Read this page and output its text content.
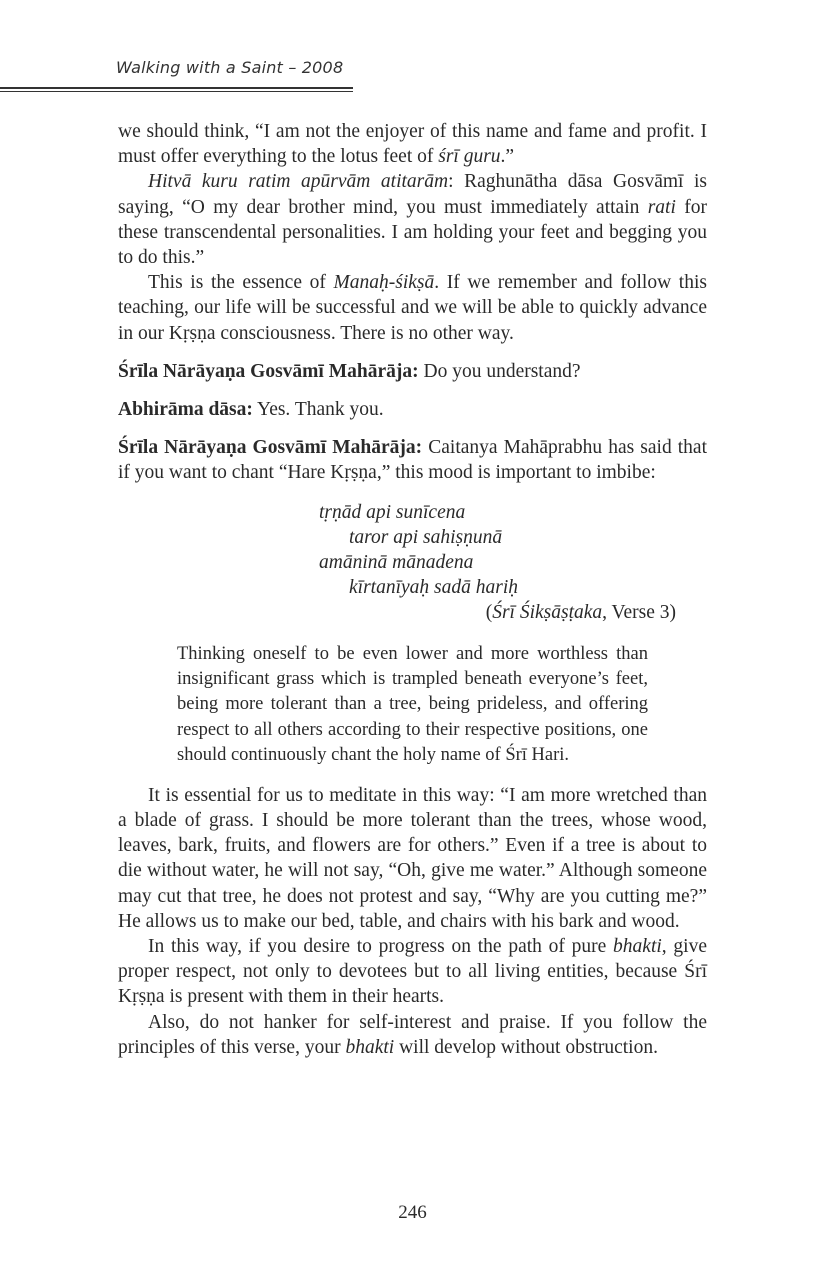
Walking with a Saint – 2008

we should think, “I am not the enjoyer of this name and fame and profit. I must offer everything to the lotus feet of śrī guru.”

Hitvā kuru ratim apūrvām atitarām: Raghunātha dāsa Gosvāmī is saying, “O my dear brother mind, you must immediately attain rati for these transcendental personalities. I am holding your feet and begging you to do this.”

This is the essence of Manaḥ-śikṣā. If we remember and follow this teaching, our life will be successful and we will be able to quickly advance in our Kṛṣṇa consciousness. There is no other way.

Śrīla Nārāyaṇa Gosvāmī Mahārāja: Do you understand?

Abhirāma dāsa: Yes. Thank you.

Śrīla Nārāyaṇa Gosvāmī Mahārāja: Caitanya Mahāprabhu has said that if you want to chant “Hare Kṛṣṇa,” this mood is important to imbibe:

tṛṇād api sunīcena
taror api sahiṣṇunā
amāninā mānadena
kīrtanīyaḥ sadā hariḥ
(Śrī Śikṣāṣṭaka, Verse 3)
Thinking oneself to be even lower and more worthless than insignificant grass which is trampled beneath everyone’s feet, being more tolerant than a tree, being prideless, and offering respect to all others according to their respective positions, one should continuously chant the holy name of Śrī Hari.

It is essential for us to meditate in this way: “I am more wretched than a blade of grass. I should be more tolerant than the trees, whose wood, leaves, bark, fruits, and flowers are for others.” Even if a tree is about to die without water, he will not say, “Oh, give me water.” Although someone may cut that tree, he does not protest and say, “Why are you cutting me?” He allows us to make our bed, table, and chairs with his bark and wood.

In this way, if you desire to progress on the path of pure bhakti, give proper respect, not only to devotees but to all living entities, because Śrī Kṛṣṇa is present with them in their hearts.

Also, do not hanker for self-interest and praise. If you follow the principles of this verse, your bhakti will develop without obstruction.

246
